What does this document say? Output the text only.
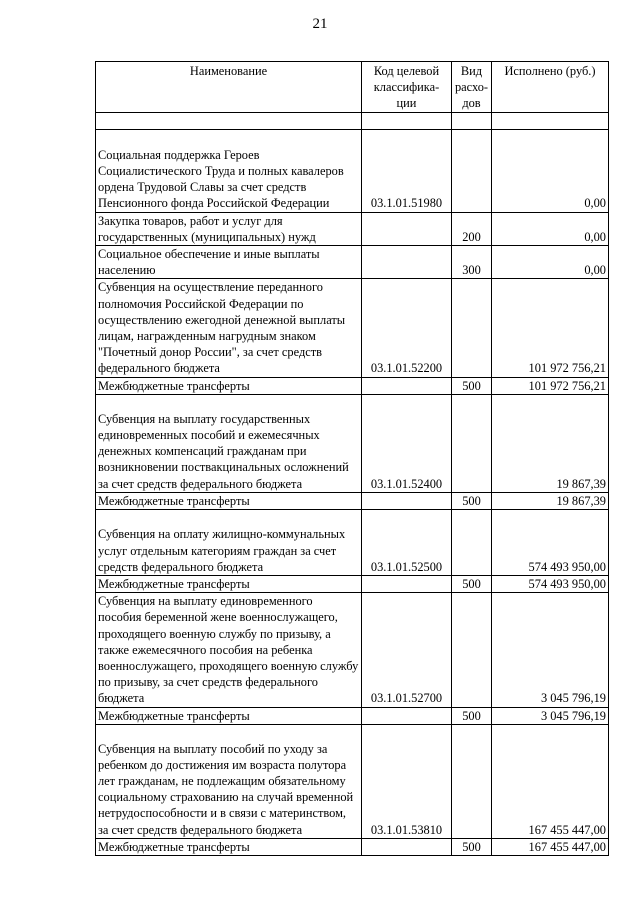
21
Наименование	Код целевой классифика-ции	Вид расхо-дов	Исполнено (руб.)

Социальная поддержка Героев Социалистического Труда и полных кавалеров ордена Трудовой Славы за счет средств Пенсионного фонда Российской Федерации	03.1.01.51980		0,00
Закупка товаров, работ и услуг для государственных (муниципальных) нужд		200	0,00
Социальное обеспечение и иные выплаты населению		300	0,00
Субвенция на осуществление переданного полномочия Российской Федерации по осуществлению ежегодной денежной выплаты лицам, награжденным нагрудным знаком "Почетный донор России", за счет средств федерального бюджета	03.1.01.52200		101 972 756,21
Межбюджетные трансферты		500	101 972 756,21
Субвенция на выплату государственных единовременных пособий и ежемесячных денежных компенсаций гражданам при возникновении поствакцинальных осложнений за счет средств федерального бюджета	03.1.01.52400		19 867,39
Межбюджетные трансферты		500	19 867,39
Субвенция на оплату жилищно-коммунальных услуг отдельным категориям граждан за счет средств федерального бюджета	03.1.01.52500		574 493 950,00
Межбюджетные трансферты		500	574 493 950,00
Субвенция на выплату единовременного пособия беременной жене военнослужащего, проходящего военную службу по призыву, а также ежемесячного пособия на ребенка военнослужащего, проходящего военную службу по призыву, за счет средств федерального бюджета	03.1.01.52700		3 045 796,19
Межбюджетные трансферты		500	3 045 796,19
Субвенция на выплату пособий по уходу за ребенком до достижения им возраста полутора лет гражданам, не подлежащим обязательному социальному страхованию на случай временной нетрудоспособности и в связи с материнством, за счет средств федерального бюджета	03.1.01.53810		167 455 447,00
Межбюджетные трансферты		500	167 455 447,00
